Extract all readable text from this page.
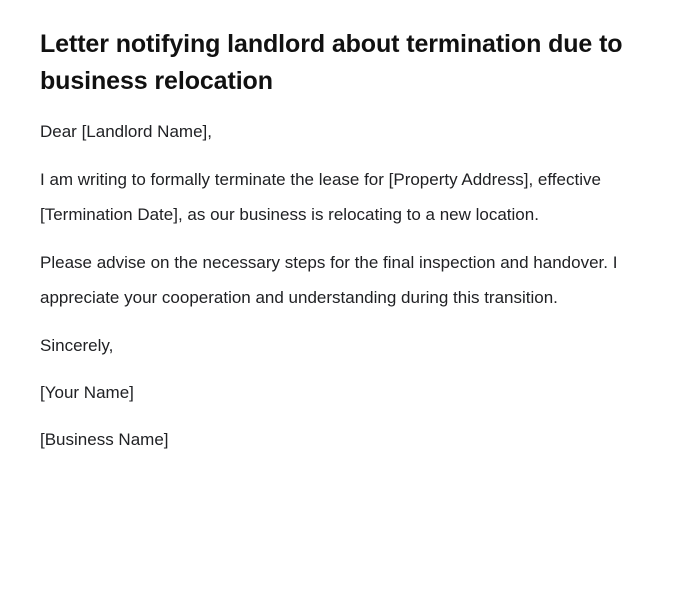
Letter notifying landlord about termination due to business relocation

Dear [Landlord Name],

I am writing to formally terminate the lease for [Property Address], effective [Termination Date], as our business is relocating to a new location.

Please advise on the necessary steps for the final inspection and handover. I appreciate your cooperation and understanding during this transition.

Sincerely,

[Your Name]

[Business Name]
